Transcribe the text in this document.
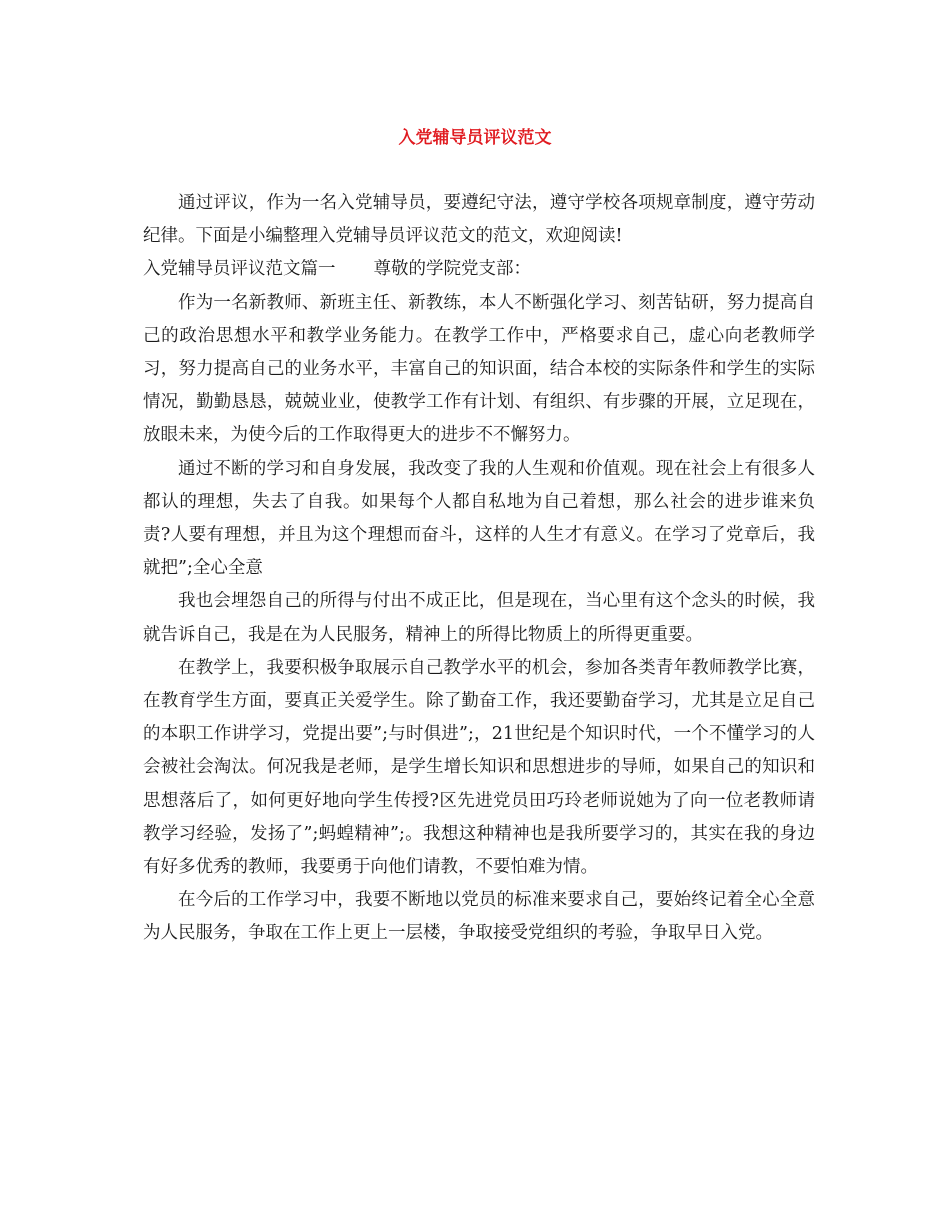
入党辅导员评议范文

通过评议，作为一名入党辅导员，要遵纪守法，遵守学校各项规章制度，遵守劳动纪律。下面是小编整理入党辅导员评议范文的范文，欢迎阅读!

入党辅导员评议范文篇一 尊敬的学院党支部：

作为一名新教师、新班主任、新教练，本人不断强化学习、刻苦钻研，努力提高自己的政治思想水平和教学业务能力。在教学工作中，严格要求自己，虚心向老教师学习，努力提高自己的业务水平，丰富自己的知识面，结合本校的实际条件和学生的实际情况，勤勤恳恳，兢兢业业，使教学工作有计划、有组织、有步骤的开展，立足现在，放眼未来，为使今后的工作取得更大的进步不不懈努力。

通过不断的学习和自身发展，我改变了我的人生观和价值观。现在社会上有很多人都认的理想，失去了自我。如果每个人都自私地为自己着想，那么社会的进步谁来负责?人要有理想，并且为这个理想而奋斗，这样的人生才有意义。在学习了党章后，我就把”;全心全意

我也会埋怨自己的所得与付出不成正比，但是现在，当心里有这个念头的时候，我就告诉自己，我是在为人民服务，精神上的所得比物质上的所得更重要。

在教学上，我要积极争取展示自己教学水平的机会，参加各类青年教师教学比赛，在教育学生方面，要真正关爱学生。除了勤奋工作，我还要勤奋学习，尤其是立足自己的本职工作讲学习，党提出要”;与时俱进”;，21世纪是个知识时代，一个不懂学习的人会被社会淘汰。何况我是老师，是学生增长知识和思想进步的导师，如果自己的知识和思想落后了，如何更好地向学生传授?区先进党员田巧玲老师说她为了向一位老教师请教学习经验，发扬了”;蚂蝗精神”;。我想这种精神也是我所要学习的，其实在我的身边有好多优秀的教师，我要勇于向他们请教，不要怕难为情。

在今后的工作学习中，我要不断地以党员的标准来要求自己，要始终记着全心全意为人民服务，争取在工作上更上一层楼，争取接受党组织的考验，争取早日入党。
